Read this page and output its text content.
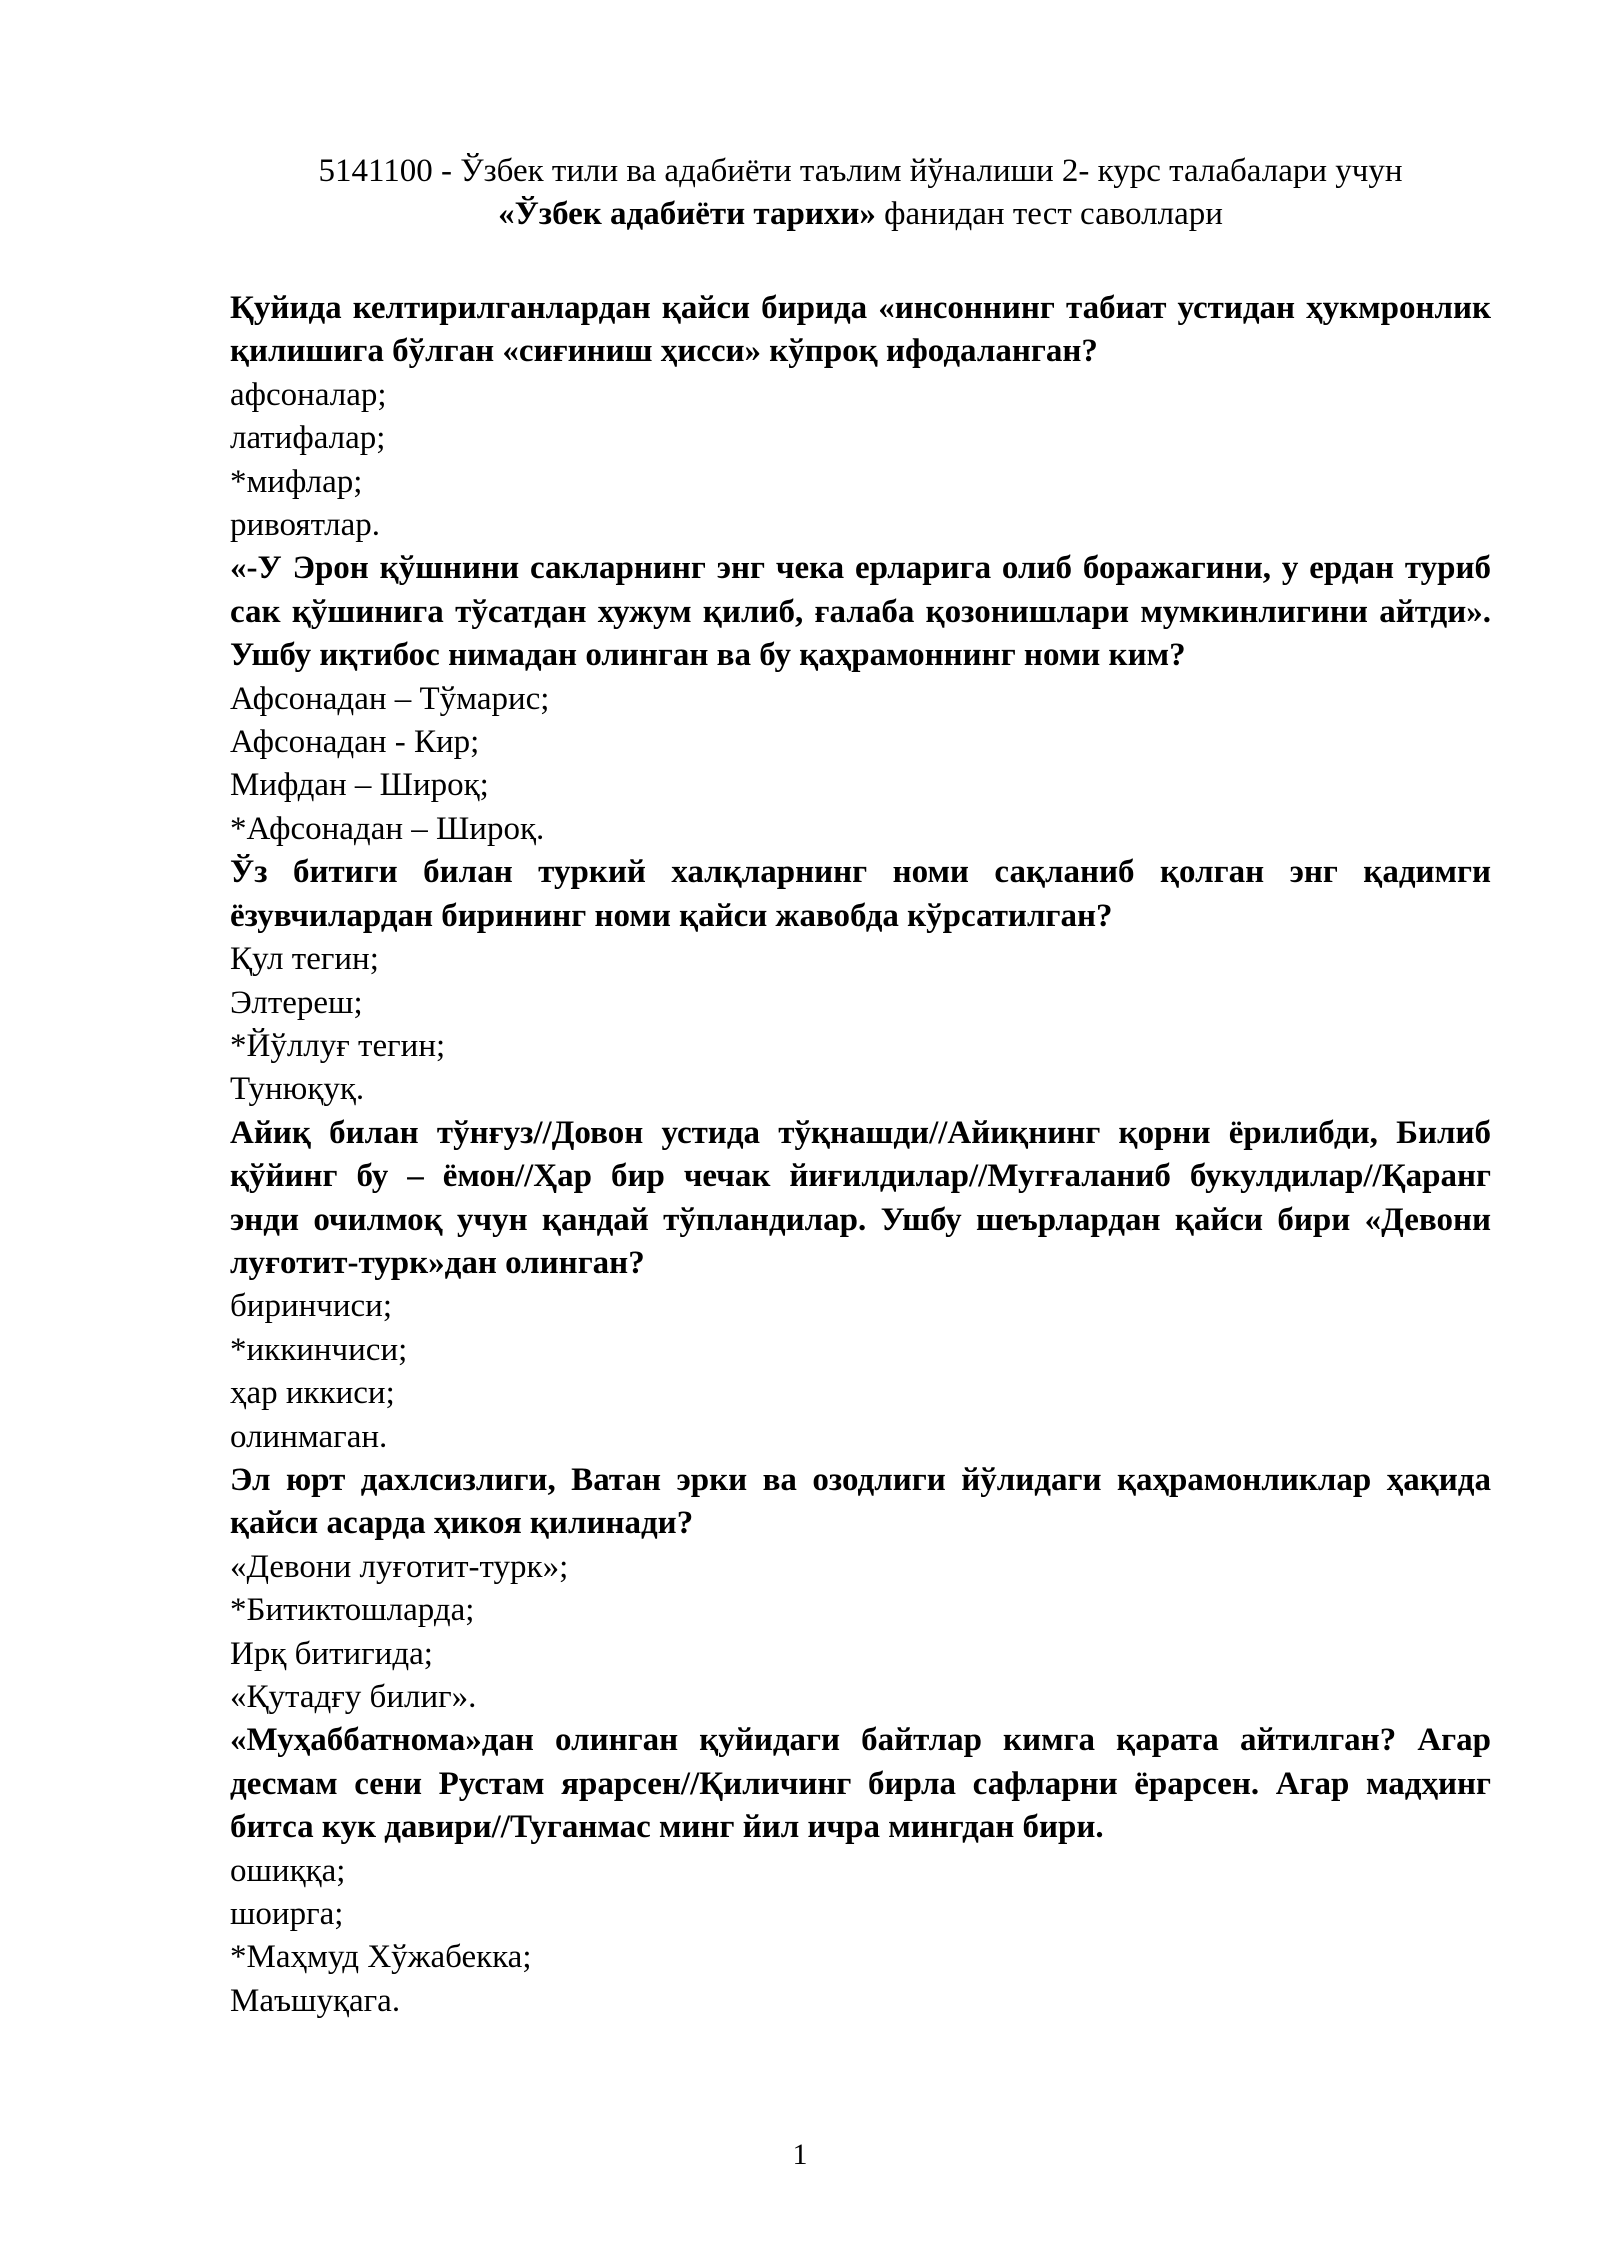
5141100 - Ўзбек тили ва адабиёти таълим йўналиши 2- курс талабалари учун
«Ўзбек адабиёти тарихи» фанидан тест саволлари

Қуйида келтирилганлардан қайси бирида «инсоннинг табиат устидан ҳукмронлик қилишига бўлган «сиғиниш ҳисси» кўпроқ ифодаланган?

афсоналар;

латифалар;

*мифлар;

ривоятлар.

«-У Эрон қўшнини сакларнинг энг чека ерларига олиб боражагини, у ердан туриб сак қўшинига тўсатдан хужум қилиб, ғалаба қозонишлари мумкинлигини айтди». Ушбу иқтибос нимадан олинган ва бу қаҳрамоннинг номи ким?

Афсонадан – Тўмарис;

Афсонадан - Кир;

Мифдан – Широқ;

*Афсонадан – Широқ.

Ўз битиги билан туркий халқларнинг номи сақланиб қолган энг қадимги ёзувчилардан бирининг номи қайси жавобда кўрсатилган?

Қул тегин;

Элтереш;

*Йўллуғ тегин;

Тунюқуқ.

Айиқ билан тўнғуз//Довон устида тўқнашди//Айиқнинг қорни ёрилибди, Билиб қўйинг бу – ёмон//Ҳар бир чечак йиғилдилар//Мугғаланиб букулдилар//Қаранг энди очилмоқ учун қандай тўпландилар. Ушбу шеърлардан қайси бири «Девони луғотит-турк»дан олинган?

биринчиси;

*иккинчиси;

ҳар иккиси;

олинмаган.

Эл юрт дахлсизлиги, Ватан эрки ва озодлиги йўлидаги қаҳрамонликлар ҳақида қайси асарда ҳикоя қилинади?

«Девони луғотит-турк»;

*Битиктошларда;

Ирқ битигида;

«Қутадғу билиг».

«Муҳаббатнома»дан олинган қуйидаги байтлар кимга қарата айтилган? Агар десмам сени Рустам ярарсен//Қиличинг бирла сафларни ёрарсен. Агар мадҳинг битса кук давири//Туганмас минг йил ичра мингдан бири.

ошиққа;

шоирга;

*Маҳмуд Хўжабекка;

Маъшуқага.

1
